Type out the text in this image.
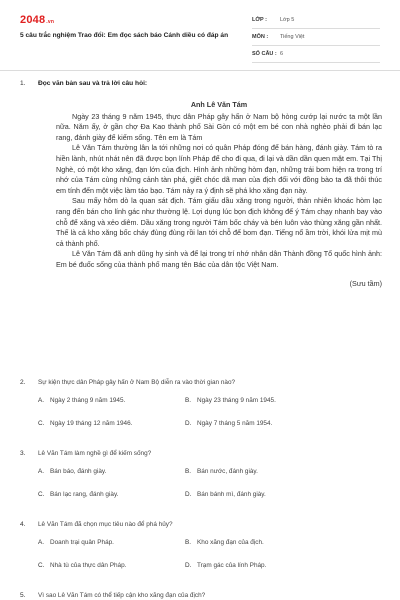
2048.vn
5 câu trắc nghiệm Trao đổi: Em đọc sách báo Cánh diều có đáp án
LỚP :	Lớp 5
MÔN :	Tiếng Việt
SỐ CÂU : 6
1.	Đọc văn bản sau và trả lời câu hỏi:
Anh Lê Văn Tám

Ngày 23 tháng 9 năm 1945, thực dân Pháp gây hấn ở Nam bộ hòng cướp lại nước ta một lần nữa. Năm ấy, ở gần chợ Đa Kao thành phố Sài Gòn có một em bé con nhà nghèo phải đi bán lạc rang, đánh giày để kiếm sống. Tên em là Tám

Lê Văn Tám thường lân la tới những nơi có quân Pháp đóng để bán hàng, đánh giày. Tám tò ra hiền lành, nhút nhát nên đã được bọn lính Pháp để cho đi qua, đi lại và dần dần quen mặt em. Tại Thị Nghè, có một kho xăng, đạn lớn của địch. Hình ảnh những hòm đạn, những trái bom hiện ra trong trí nhớ của Tám cùng những cảnh tàn phá, giết chóc dã man của địch đối với đồng bào ta đã thôi thúc em tính đến một việc làm táo bạo. Tám nảy ra ý định sẽ phá kho xăng đạn này.

Sau mấy hôm dò la quan sát địch. Tám giấu dầu xăng trong người, thản nhiên khoác hòm lạc rang đến bán cho lính gác như thường lệ. Lợi dụng lúc bọn địch không để ý Tám chạy nhanh bay vào chỗ để xăng và xẻo diêm. Dầu xăng trong người Tám bốc cháy và bén luôn vào thùng xăng gần nhất. Thế là cả kho xăng bốc cháy đùng đùng rồi lan tới chỗ để bom đạn. Tiếng nổ ầm trời, khói lửa mịt mù cả thành phố.

Lê Văn Tám đã anh dũng hy sinh và để lại trong trí nhớ nhân dân Thành đồng Tổ quốc hình ảnh: Em bé đuốc sống của thành phố mang tên Bác của dân tộc Việt Nam.

(Sưu tầm)
2.	Sự kiện thực dân Pháp gây hấn ở Nam Bộ diễn ra vào thời gian nào?
A. Ngày 2 tháng 9 năm 1945.	B. Ngày 23 tháng 9 năm 1945.
C. Ngày 19 tháng 12 năm 1946.	D. Ngày 7 tháng 5 năm 1954.
3.	Lê Văn Tám làm nghề gì để kiếm sống?
A. Bán báo, đánh giày.	B. Bán nước, đánh giày.
C. Bán lạc rang, đánh giày.	D. Bán bánh mì, đánh giày.
4.	Lê Văn Tám đã chọn mục tiêu nào để phá hủy?
A. Doanh trại quân Pháp.	B. Kho xăng đạn của địch.
C. Nhà tù của thực dân Pháp.	D. Trạm gác của lính Pháp.
5.	Vì sao Lê Văn Tám có thể tiếp cận kho xăng đạn của địch?
